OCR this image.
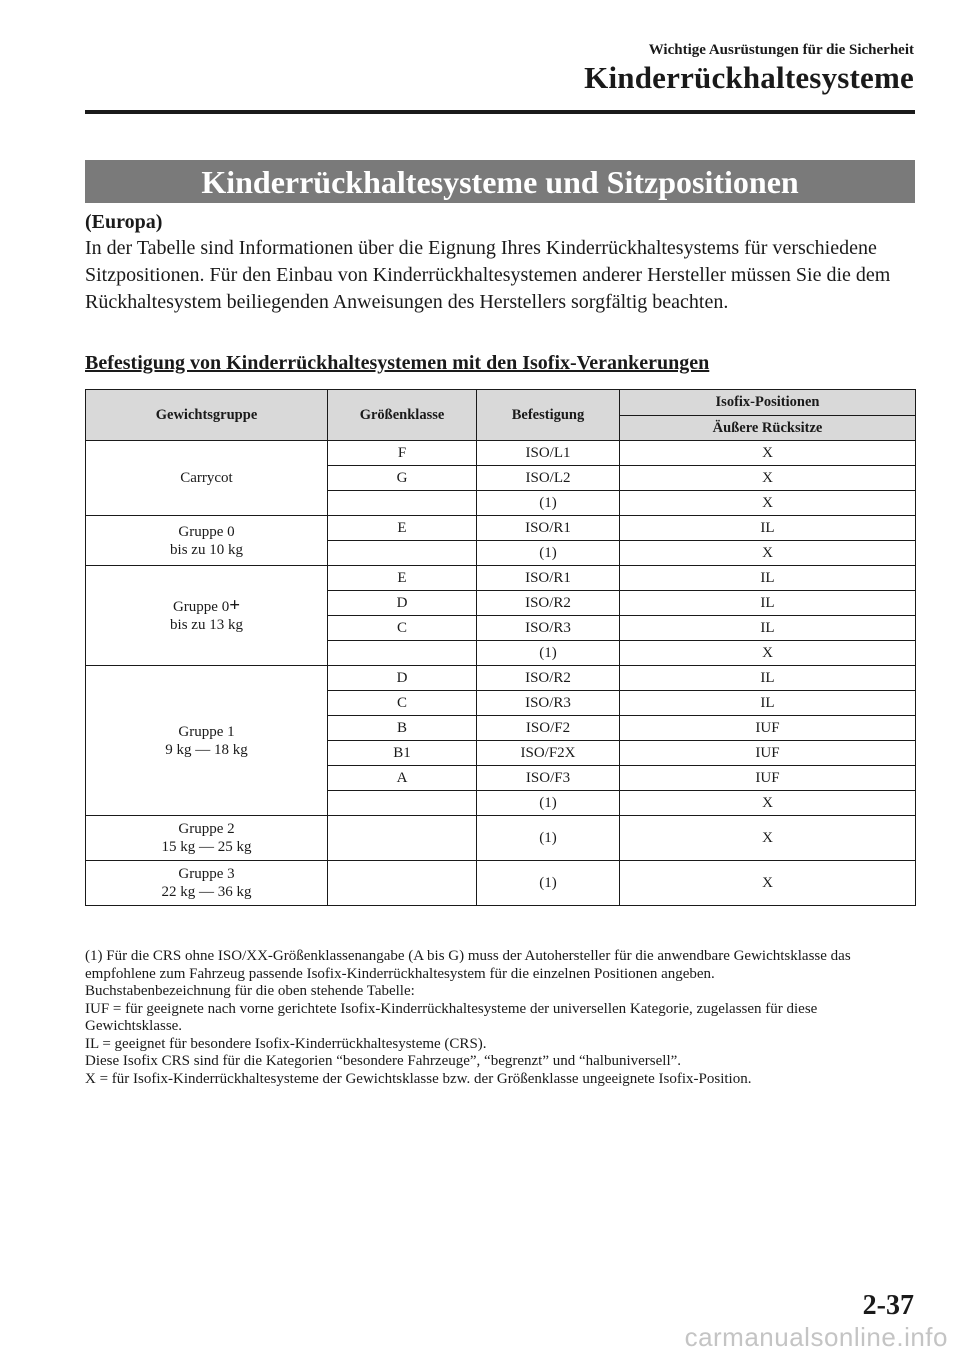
Wichtige Ausrüstungen für die Sicherheit
Kinderrückhaltesysteme
Kinderrückhaltesysteme und Sitzpositionen
(Europa)

In der Tabelle sind Informationen über die Eignung Ihres Kinderrückhaltesystems für verschiedene Sitzpositionen. Für den Einbau von Kinderrückhaltesystemen anderer Hersteller müssen Sie die dem Rückhaltesystem beiliegenden Anweisungen des Herstellers sorgfältig beachten.

Befestigung von Kinderrückhaltesystemen mit den Isofix-Verankerungen
Gewichtsgruppe	Größenklasse	Befestigung	Isofix-Positionen
			Äußere Rücksitze

Carrycot	F	ISO/L1	X
	G	ISO/L2	X
		(1)	X

Gruppe 0
bis zu 10 kg	E	ISO/R1	IL
		(1)	X

Gruppe 0+
bis zu 13 kg	E	ISO/R1	IL
	D	ISO/R2	IL
	C	ISO/R3	IL
		(1)	X

Gruppe 1
9 kg ― 18 kg	D	ISO/R2	IL
	C	ISO/R3	IL
	B	ISO/F2	IUF
	B1	ISO/F2X	IUF
	A	ISO/F3	IUF
		(1)	X

Gruppe 2
15 kg ― 25 kg		(1)	X

Gruppe 3
22 kg ― 36 kg		(1)	X
(1) Für die CRS ohne ISO/XX-Größenklassenangabe (A bis G) muss der Autohersteller für die anwendbare Gewichtsklasse das empfohlene zum Fahrzeug passende Isofix-Kinderrückhaltesystem für die einzelnen Positionen angeben.
Buchstabenbezeichnung für die oben stehende Tabelle:
IUF = für geeignete nach vorne gerichtete Isofix-Kinderrückhaltesysteme der universellen Kategorie, zugelassen für diese Gewichtsklasse.
IL = geeignet für besondere Isofix-Kinderrückhaltesysteme (CRS).
Diese Isofix CRS sind für die Kategorien “besondere Fahrzeuge”, “begrenzt” und “halbuniversell”.
X = für Isofix-Kinderrückhaltesysteme der Gewichtsklasse bzw. der Größenklasse ungeeignete Isofix-Position.
2-37
carmanualsonline.info
